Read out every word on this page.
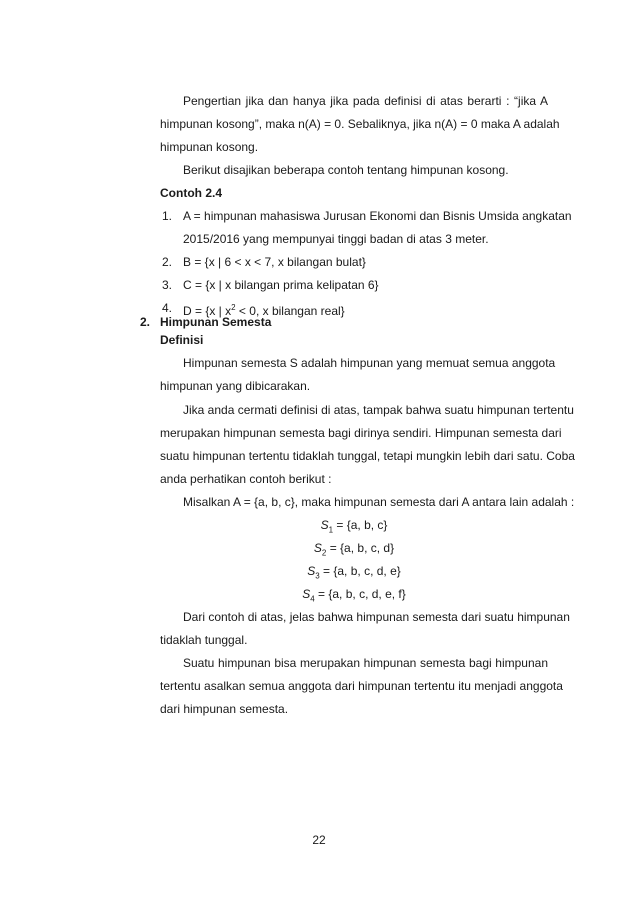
Pengertian jika dan hanya jika pada definisi di atas berarti : “jika A
himpunan kosong”, maka n(A) = 0. Sebaliknya, jika n(A) = 0 maka A adalah
himpunan kosong.
Berikut disajikan beberapa contoh tentang himpunan kosong.
Contoh 2.4
1. A = himpunan mahasiswa Jurusan Ekonomi dan Bisnis Umsida angkatan
2015/2016 yang mempunyai tinggi badan di atas 3 meter.
2. B = {x | 6 < x < 7, x bilangan bulat}
3. C = {x | x bilangan prima kelipatan 6}
4. D = {x | $x^2 < 0$, x bilangan real}
2. Himpunan Semesta
Definisi
Himpunan semesta S adalah himpunan yang memuat semua anggota
himpunan yang dibicarakan.
Jika anda cermati definisi di atas, tampak bahwa suatu himpunan tertentu
merupakan himpunan semesta bagi dirinya sendiri. Himpunan semesta dari
suatu himpunan tertentu tidaklah tunggal, tetapi mungkin lebih dari satu. Coba
anda perhatikan contoh berikut :
Misalkan A = {a, b, c}, maka himpunan semesta dari A antara lain adalah :
$S_1 = \{a$, b, c}
$S_2 = \{a$, b, c, d}
$S_3 = \{a$, b, c, d, e}
$S_4 = \{a$, b, c, d, e, f}
Dari contoh di atas, jelas bahwa himpunan semesta dari suatu himpunan
tidaklah tunggal.
Suatu himpunan bisa merupakan himpunan semesta bagi himpunan
tertentu asalkan semua anggota dari himpunan tertentu itu menjadi anggota
dari himpunan semesta.
22
